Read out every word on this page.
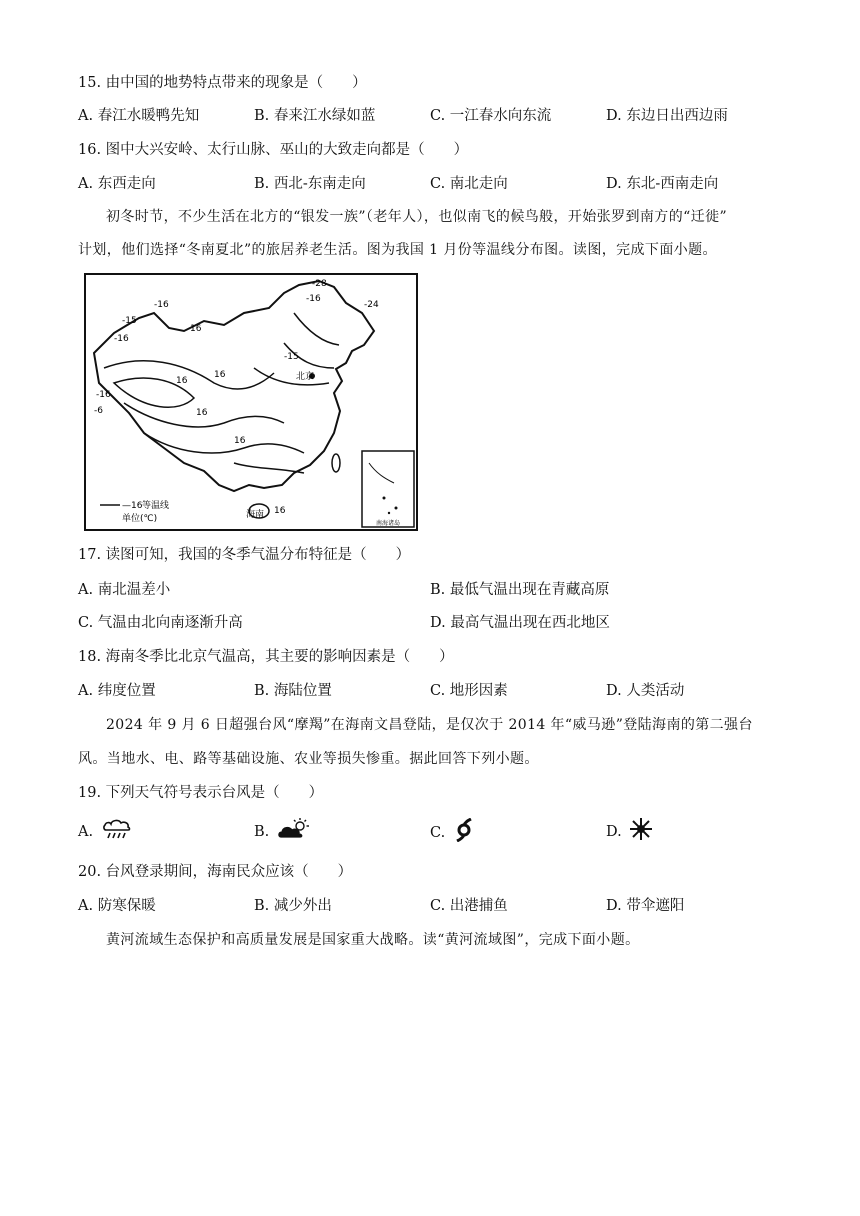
15. 由中国的地势特点带来的现象是（　　）
A. 春江水暖鸭先知	B. 春来江水绿如蓝	C. 一江春水向东流	D. 东边日出西边雨
16. 图中大兴安岭、太行山脉、巫山的大致走向都是（　　）
A. 东西走向	B. 西北-东南走向	C. 南北走向	D. 东北-西南走向
初冬时节，不少生活在北方的“银发一族”（老年人），也似南飞的候鸟般，开始张罗到南方的“迁徙”
计划，他们选择“冬南夏北”的旅居养老生活。图为我国 1 月份等温线分布图。读图，完成下面小题。
-28
-24
-16
-16
-15
16
-16
-15
16
16
-16
-6	16
16
16
北京
—16 等温线
单位(℃)	海南
南海诸岛
17. 读图可知，我国的冬季气温分布特征是（　　）
A. 南北温差小	B. 最低气温出现在青藏高原
C. 气温由北向南逐渐升高	D. 最高气温出现在西北地区
18. 海南冬季比北京气温高，其主要的影响因素是（　　）
A. 纬度位置	B. 海陆位置	C. 地形因素	D. 人类活动
2024 年 9 月 6 日超强台风“摩羯”在海南文昌登陆，是仅次于 2014 年“威马逊”登陆海南的第二强台
风。当地水、电、路等基础设施、农业等损失惨重。据此回答下列小题。
19. 下列天气符号表示台风是（　　）
A.	B.	C.	D.
20. 台风登录期间，海南民众应该（　　）
A. 防寒保暖	B. 减少外出	C. 出港捕鱼	D. 带伞遮阳
黄河流域生态保护和高质量发展是国家重大战略。读“黄河流域图”，完成下面小题。
